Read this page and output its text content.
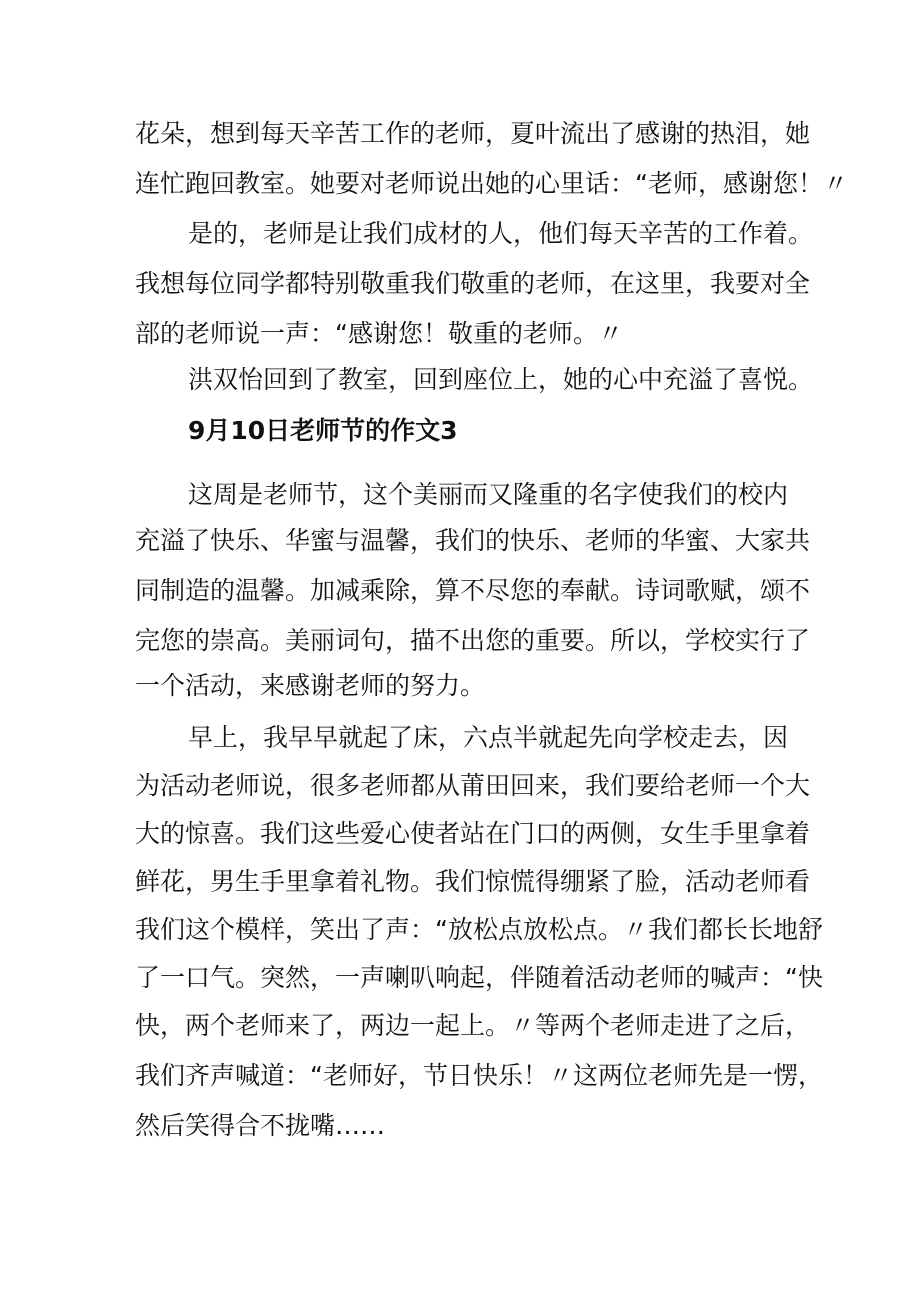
花朵，想到每天辛苦工作的老师，夏叶流出了感谢的热泪，她

连忙跑回教室。她要对老师说出她的心里话：“老师，感谢您！〃

是的，老师是让我们成材的人，他们每天辛苦的工作着。

我想每位同学都特别敬重我们敬重的老师，在这里，我要对全

部的老师说一声：“感谢您！敬重的老师。〃

洪双怡回到了教室，回到座位上，她的心中充溢了喜悦。

9月10日老师节的作文3

这周是老师节，这个美丽而又隆重的名字使我们的校内

充溢了快乐、华蜜与温馨，我们的快乐、老师的华蜜、大家共

同制造的温馨。加减乘除，算不尽您的奉献。诗词歌赋，颂不

完您的崇高。美丽词句，描不出您的重要。所以，学校实行了

一个活动，来感谢老师的努力。

早上，我早早就起了床，六点半就起先向学校走去，因

为活动老师说，很多老师都从莆田回来，我们要给老师一个大

大的惊喜。我们这些爱心使者站在门口的两侧，女生手里拿着

鲜花，男生手里拿着礼物。我们惊慌得绷紧了脸，活动老师看

我们这个模样，笑出了声：“放松点放松点。〃我们都长长地舒

了一口气。突然，一声喇叭响起，伴随着活动老师的喊声：“快

快，两个老师来了，两边一起上。〃等两个老师走进了之后，

我们齐声喊道：“老师好，节日快乐！〃这两位老师先是一愣，

然后笑得合不拢嘴……
